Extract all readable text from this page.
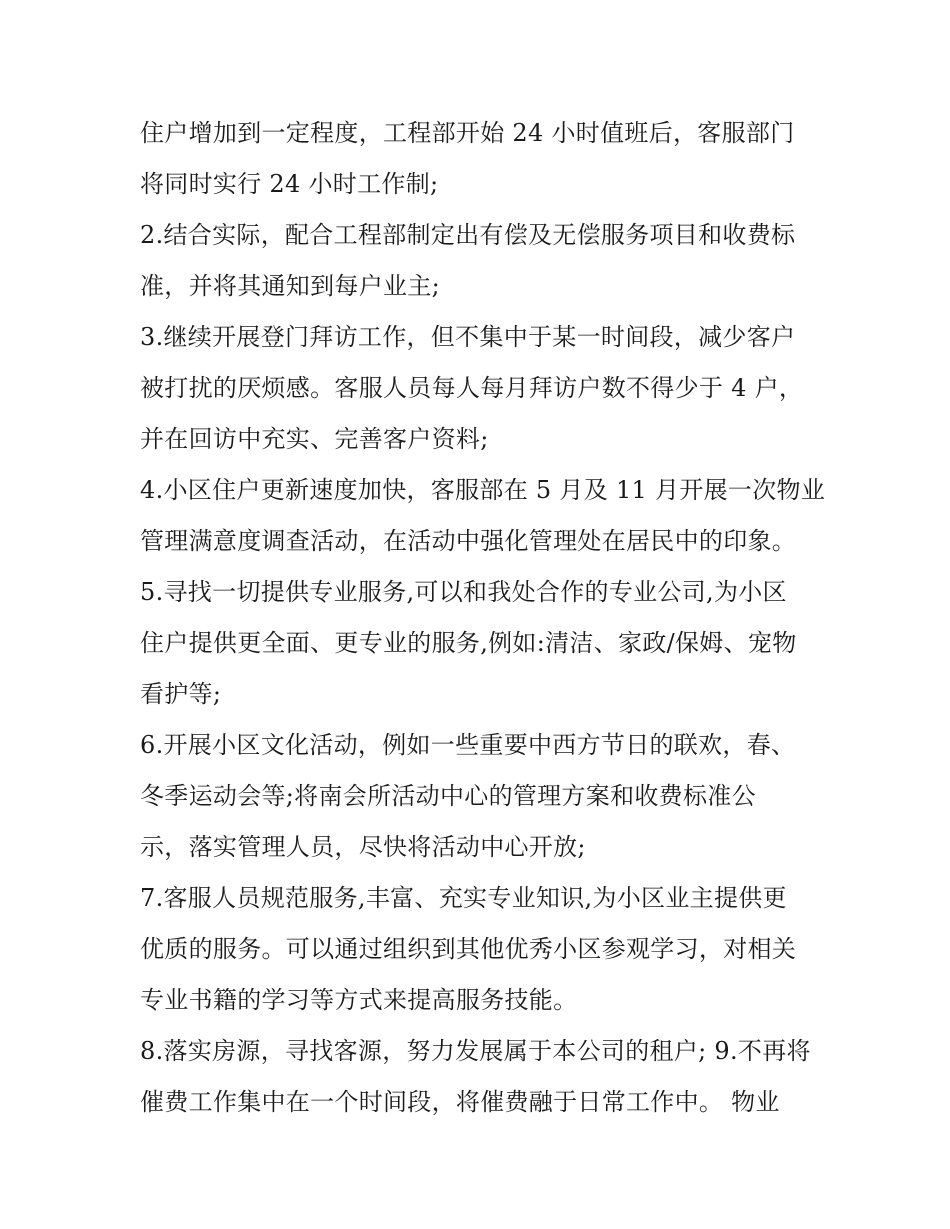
住户增加到一定程度，工程部开始 24 小时值班后，客服部门
将同时实行 24 小时工作制;
2.结合实际，配合工程部制定出有偿及无偿服务项目和收费标
准，并将其通知到每户业主;
3.继续开展登门拜访工作，但不集中于某一时间段，减少客户
被打扰的厌烦感。客服人员每人每月拜访户数不得少于 4 户，
并在回访中充实、完善客户资料;
4.小区住户更新速度加快，客服部在 5 月及 11 月开展一次物业
管理满意度调查活动，在活动中强化管理处在居民中的印象。
5.寻找一切提供专业服务,可以和我处合作的专业公司,为小区
住户提供更全面、更专业的服务,例如:清洁、家政/保姆、宠物
看护等;
6.开展小区文化活动，例如一些重要中西方节日的联欢，春、
冬季运动会等;将南会所活动中心的管理方案和收费标准公
示，落实管理人员，尽快将活动中心开放;
7.客服人员规范服务,丰富、充实专业知识,为小区业主提供更
优质的服务。可以通过组织到其他优秀小区参观学习，对相关
专业书籍的学习等方式来提高服务技能。
8.落实房源，寻找客源，努力发展属于本公司的租户; 9.不再将
催费工作集中在一个时间段，将催费融于日常工作中。 物业
